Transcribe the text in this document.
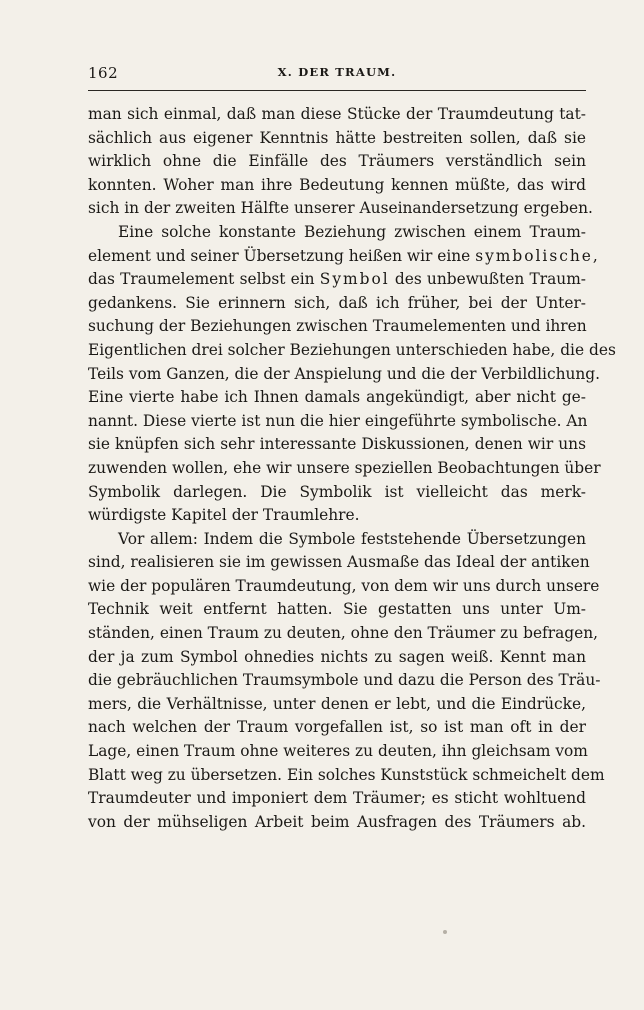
162	X. DER TRAUM.
man sich einmal, daß man diese Stücke der Traumdeutung tat-
sächlich aus eigener Kenntnis hätte bestreiten sollen, daß sie
wirklich ohne die Einfälle des Träumers verständlich sein
konnten. Woher man ihre Bedeutung kennen müßte, das wird
sich in der zweiten Hälfte unserer Auseinandersetzung ergeben.
Eine solche konstante Beziehung zwischen einem Traum-
element und seiner Übersetzung heißen wir eine symbolische,
das Traumelement selbst ein Symbol des unbewußten Traum-
gedankens. Sie erinnern sich, daß ich früher, bei der Unter-
suchung der Beziehungen zwischen Traumelementen und ihren
Eigentlichen drei solcher Beziehungen unterschieden habe, die des
Teils vom Ganzen, die der Anspielung und die der Verbildlichung.
Eine vierte habe ich Ihnen damals angekündigt, aber nicht ge-
nannt. Diese vierte ist nun die hier eingeführte symbolische. An
sie knüpfen sich sehr interessante Diskussionen, denen wir uns
zuwenden wollen, ehe wir unsere speziellen Beobachtungen über
Symbolik darlegen. Die Symbolik ist vielleicht das merk-
würdigste Kapitel der Traumlehre.
Vor allem: Indem die Symbole feststehende Übersetzungen
sind, realisieren sie im gewissen Ausmaße das Ideal der antiken
wie der populären Traumdeutung, von dem wir uns durch unsere
Technik weit entfernt hatten. Sie gestatten uns unter Um-
ständen, einen Traum zu deuten, ohne den Träumer zu befragen,
der ja zum Symbol ohnedies nichts zu sagen weiß. Kennt man
die gebräuchlichen Traumsymbole und dazu die Person des Träu-
mers, die Verhältnisse, unter denen er lebt, und die Eindrücke,
nach welchen der Traum vorgefallen ist, so ist man oft in der
Lage, einen Traum ohne weiteres zu deuten, ihn gleichsam vom
Blatt weg zu übersetzen. Ein solches Kunststück schmeichelt dem
Traumdeuter und imponiert dem Träumer; es sticht wohltuend
von der mühseligen Arbeit beim Ausfragen des Träumers ab.
